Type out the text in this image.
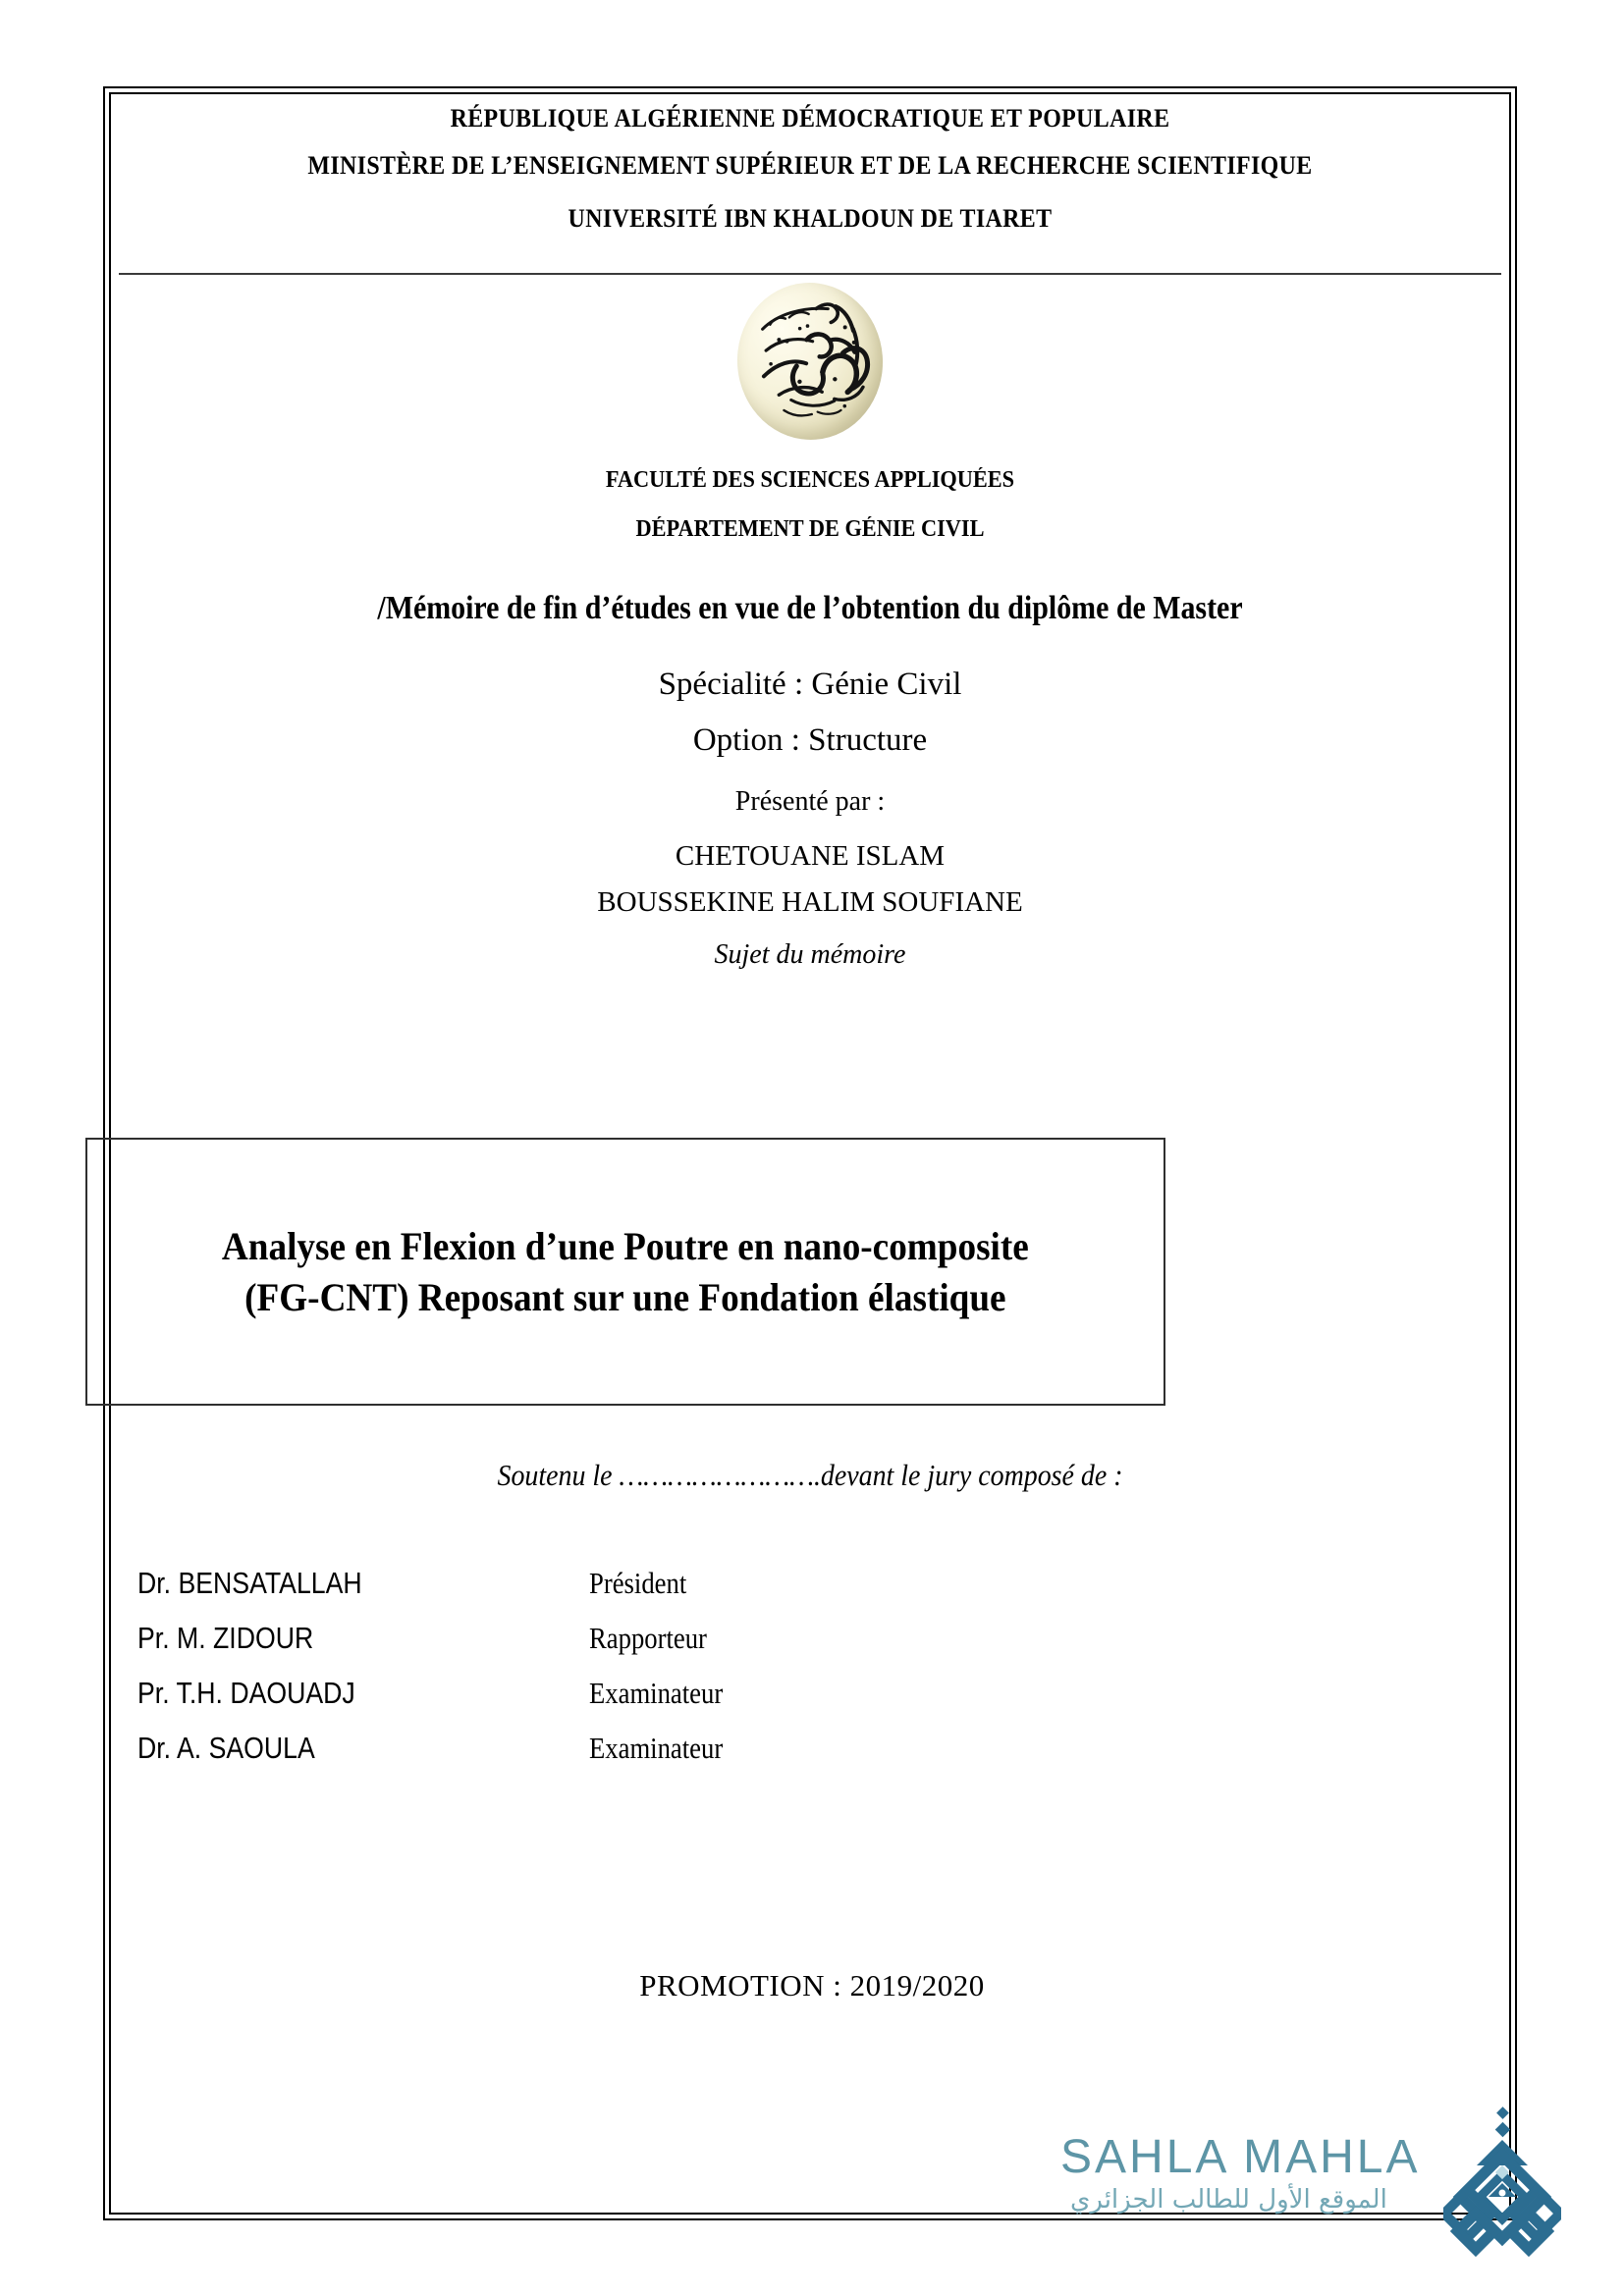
RÉPUBLIQUE ALGÉRIENNE DÉMOCRATIQUE ET POPULAIRE
MINISTÈRE DE L’ENSEIGNEMENT SUPÉRIEUR ET DE LA RECHERCHE SCIENTIFIQUE
UNIVERSITÉ IBN KHALDOUN DE TIARET
FACULTÉ DES SCIENCES APPLIQUÉES
DÉPARTEMENT DE GÉNIE CIVIL
/Mémoire de fin d’études en vue de l’obtention du diplôme de Master
Spécialité : Génie Civil
Option : Structure
Présenté par :
CHETOUANE ISLAM
BOUSSEKINE HALIM SOUFIANE
Sujet du mémoire
Analyse en Flexion d’une Poutre en nano-composite
(FG-CNT) Reposant sur une Fondation élastique
Soutenu le …………………….devant le jury composé de :
Dr. BENSATALLAH	Président
Pr. M. ZIDOUR	Rapporteur
Pr. T.H. DAOUADJ	Examinateur
Dr. A. SAOULA	Examinateur
PROMOTION : 2019/2020
SAHLA MAHLA
الموقع الأول للطالب الجزائري
